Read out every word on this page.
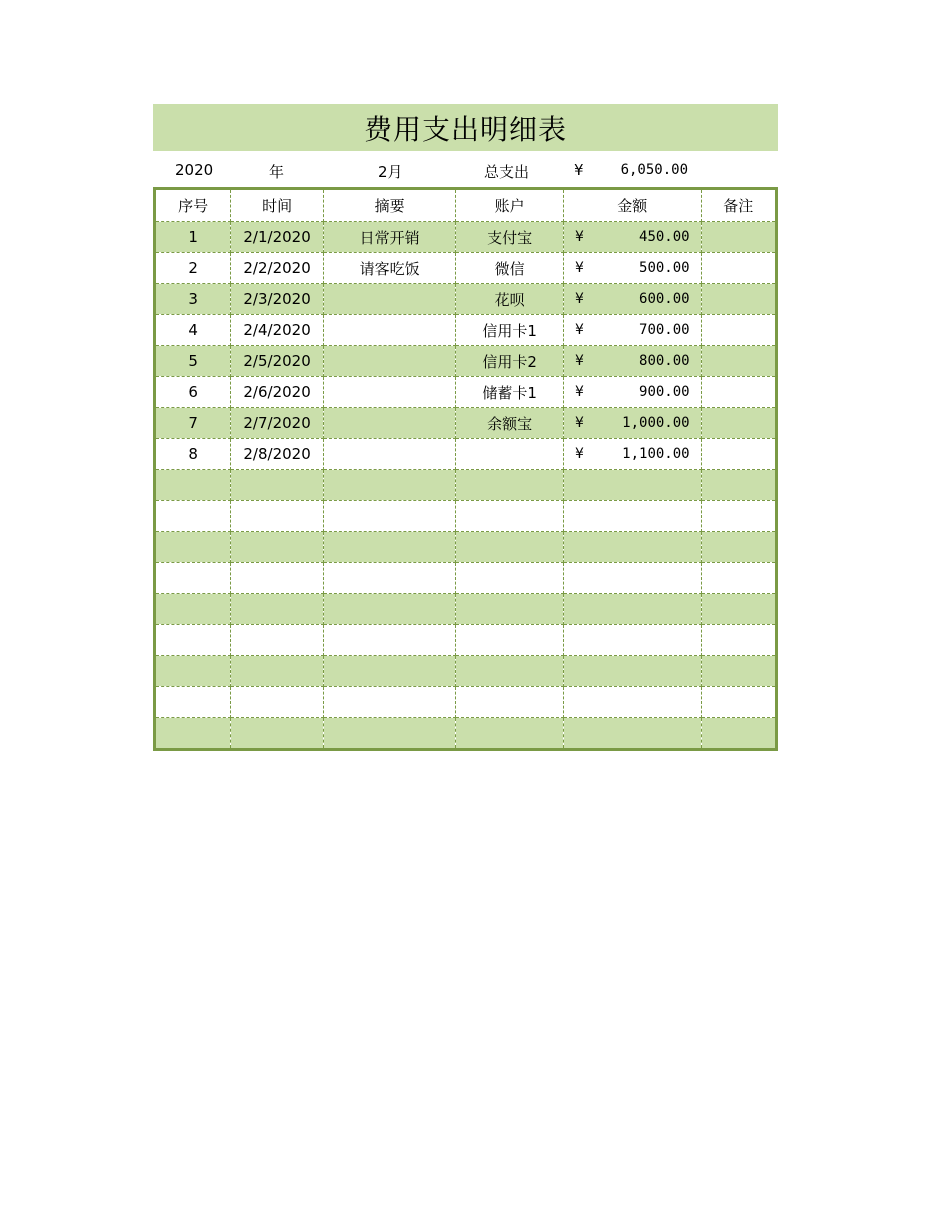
费用支出明细表
2020	年	2月	总支出	¥	6,050.00
序号	时间	摘要	账户	金额	备注
1	2/1/2020	日常开销	支付宝	¥ 450.00	
2	2/2/2020	请客吃饭	微信	¥ 500.00	
3	2/3/2020		花呗	¥ 600.00	
4	2/4/2020		信用卡1	¥ 700.00	
5	2/5/2020		信用卡2	¥ 800.00	
6	2/6/2020		储蓄卡1	¥ 900.00	
7	2/7/2020		余额宝	¥ 1,000.00	
8	2/8/2020			¥ 1,100.00	
